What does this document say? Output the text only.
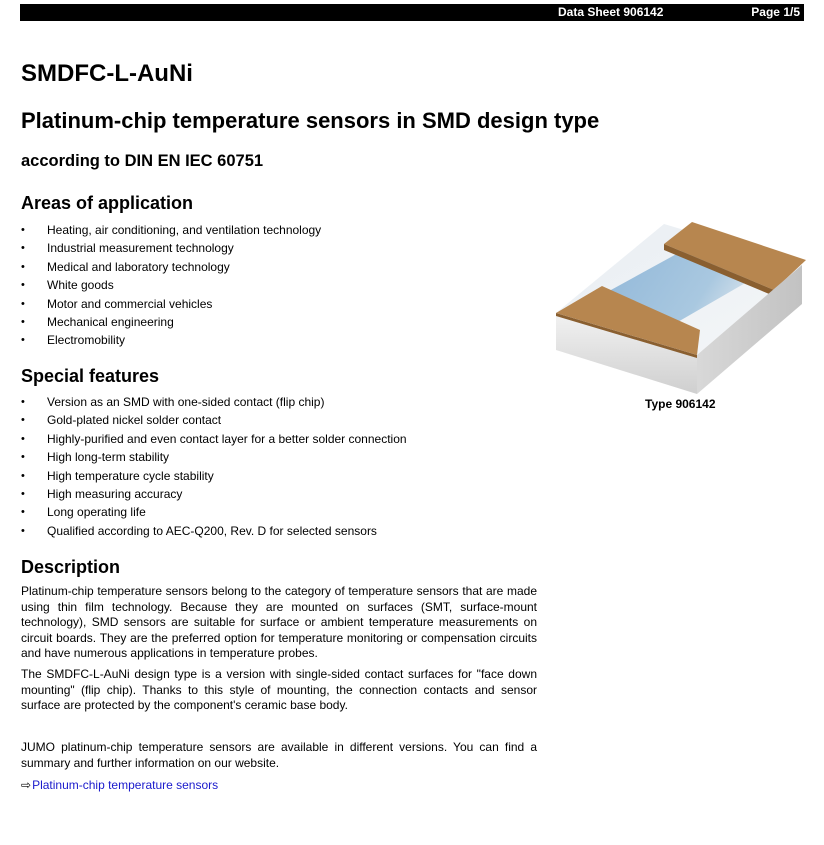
Data Sheet 906142	Page 1/5
SMDFC-L-AuNi
Platinum-chip temperature sensors in SMD design type
according to DIN EN IEC 60751
Areas of application
• Heating, air conditioning, and ventilation technology
• Industrial measurement technology
• Medical and laboratory technology
• White goods
• Motor and commercial vehicles
• Mechanical engineering
• Electromobility
Special features
• Version as an SMD with one-sided contact (flip chip)
• Gold-plated nickel solder contact
• Highly-purified and even contact layer for a better solder connection
• High long-term stability
• High temperature cycle stability
• High measuring accuracy
• Long operating life
• Qualified according to AEC-Q200, Rev. D for selected sensors
Description

Platinum-chip temperature sensors belong to the category of temperature sensors that are made using thin film technology. Because they are mounted on surfaces (SMT, surface-mount technology), SMD sensors are suitable for surface or ambient temperature measurements on circuit boards. They are the preferred option for temperature monitoring or compensation circuits and have numerous applications in temperature probes.

The SMDFC-L-AuNi design type is a version with single-sided contact surfaces for "face down mounting" (flip chip). Thanks to this style of mounting, the connection contacts and sensor surface are protected by the component's ceramic base body.

JUMO platinum-chip temperature sensors are available in different versions. You can find a summary and further information on our website.

⇨Platinum-chip temperature sensors
Type 906142
